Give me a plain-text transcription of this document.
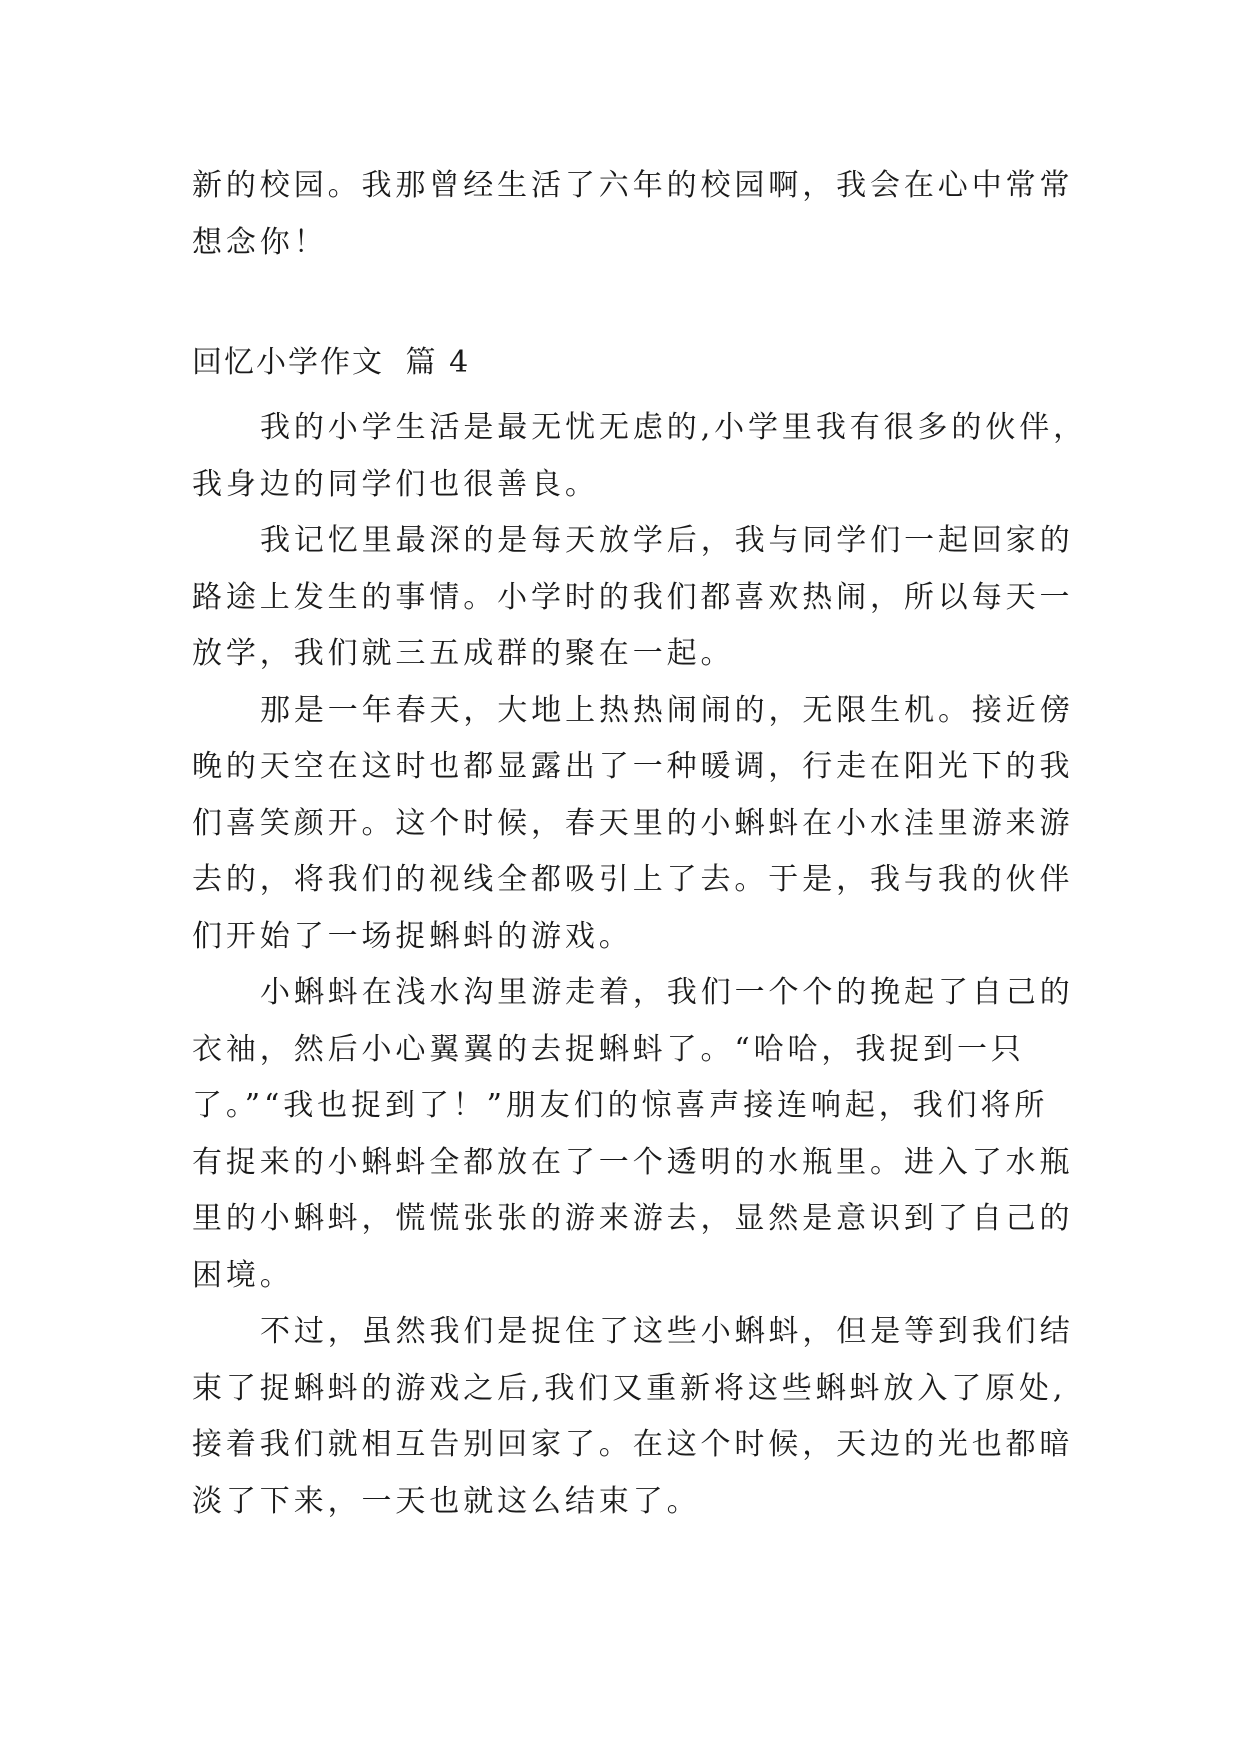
新的校园。我那曾经生活了六年的校园啊，我会在心中常常
想念你！
回忆小学作文 篇 4
我的小学生活是最无忧无虑的,小学里我有很多的伙伴，
我身边的同学们也很善良。
我记忆里最深的是每天放学后，我与同学们一起回家的
路途上发生的事情。小学时的我们都喜欢热闹，所以每天一
放学，我们就三五成群的聚在一起。
那是一年春天，大地上热热闹闹的，无限生机。接近傍
晚的天空在这时也都显露出了一种暖调，行走在阳光下的我
们喜笑颜开。这个时候，春天里的小蝌蚪在小水洼里游来游
去的，将我们的视线全都吸引上了去。于是，我与我的伙伴
们开始了一场捉蝌蚪的游戏。
小蝌蚪在浅水沟里游走着，我们一个个的挽起了自己的
衣袖，然后小心翼翼的去捉蝌蚪了。“哈哈，我捉到一只
了。”“我也捉到了！”朋友们的惊喜声接连响起，我们将所
有捉来的小蝌蚪全都放在了一个透明的水瓶里。进入了水瓶
里的小蝌蚪，慌慌张张的游来游去，显然是意识到了自己的
困境。
不过，虽然我们是捉住了这些小蝌蚪，但是等到我们结
束了捉蝌蚪的游戏之后,我们又重新将这些蝌蚪放入了原处,
接着我们就相互告别回家了。在这个时候，天边的光也都暗
淡了下来，一天也就这么结束了。
